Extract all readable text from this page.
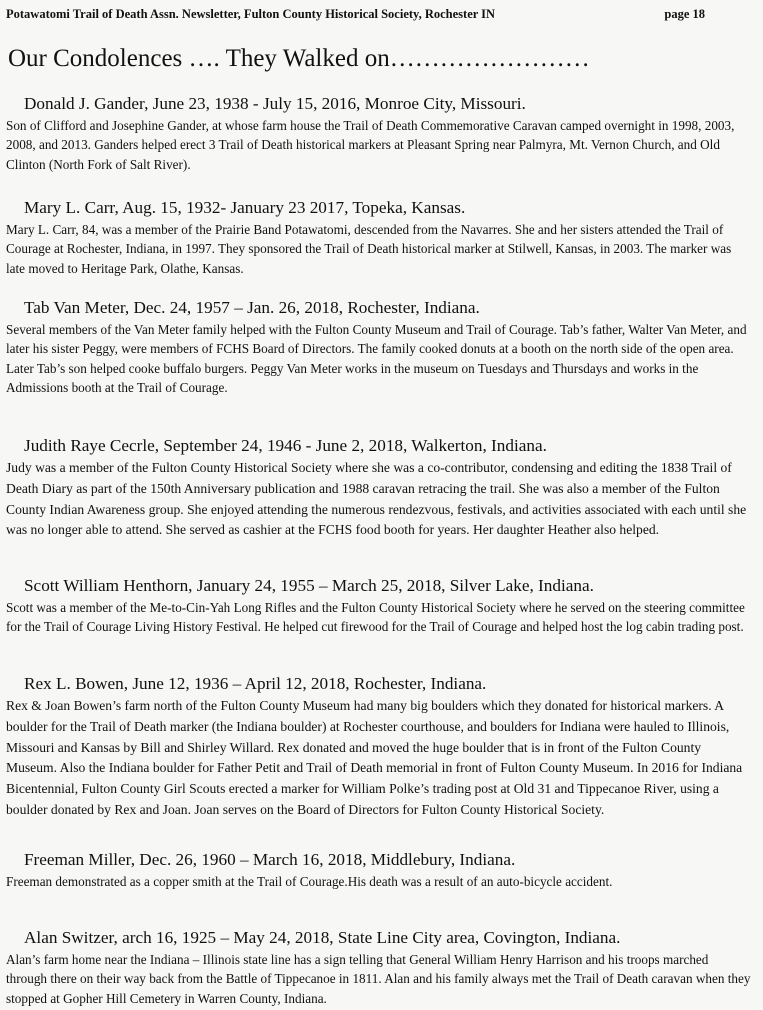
Potawatomi Trail of Death Assn. Newsletter, Fulton County Historical Society, Rochester IN	page 18
Our Condolences …. They Walked on……………………
Donald J. Gander, June 23, 1938 - July 15, 2016, Monroe City, Missouri.
Son of Clifford and Josephine Gander, at whose farm house the Trail of Death Commemorative Caravan camped overnight in 1998, 2003, 2008, and 2013. Ganders helped erect 3 Trail of Death historical markers at Pleasant Spring near Palmyra, Mt. Vernon Church, and Old Clinton (North Fork of Salt River).
Mary L. Carr, Aug. 15, 1932- January 23 2017, Topeka, Kansas.
Mary L. Carr, 84, was a member of the Prairie Band Potawatomi, descended from the Navarres. She and her sisters attended the Trail of Courage at Rochester, Indiana, in 1997. They sponsored the Trail of Death historical marker at Stilwell, Kansas, in 2003. The marker was late moved to Heritage Park, Olathe, Kansas.
Tab Van Meter, Dec. 24, 1957 – Jan. 26, 2018, Rochester, Indiana.
Several members of the Van Meter family helped with the Fulton County Museum and Trail of Courage. Tab’s father, Walter Van Meter, and later his sister Peggy, were members of FCHS Board of Directors. The family cooked donuts at a booth on the north side of the open area. Later Tab’s son helped cooke buffalo burgers. Peggy Van Meter works in the museum on Tuesdays and Thursdays and works in the Admissions booth at the Trail of Courage.
Judith Raye Cecrle, September 24, 1946 - June 2, 2018, Walkerton, Indiana.
Judy was a member of the Fulton County Historical Society where she was a co-contributor, condensing and editing the 1838 Trail of Death Diary as part of the 150th Anniversary publication and 1988 caravan retracing the trail. She was also a member of the Fulton County Indian Awareness group. She enjoyed attending the numerous rendezvous, festivals, and activities associated with each until she was no longer able to attend. She served as cashier at the FCHS food booth for years. Her daughter Heather also helped.
Scott William Henthorn, January 24, 1955 – March 25, 2018, Silver Lake, Indiana.
Scott was a member of the Me-to-Cin-Yah Long Rifles and the Fulton County Historical Society where he served on the steering committee for the Trail of Courage Living History Festival. He helped cut firewood for the Trail of Courage and helped host the log cabin trading post.
Rex L. Bowen, June 12, 1936 – April 12, 2018, Rochester, Indiana.
Rex & Joan Bowen’s farm north of the Fulton County Museum had many big boulders which they donated for historical markers. A boulder for the Trail of Death marker (the Indiana boulder) at Rochester courthouse, and boulders for Indiana were hauled to Illinois, Missouri and Kansas by Bill and Shirley Willard. Rex donated and moved the huge boulder that is in front of the Fulton County Museum. Also the Indiana boulder for Father Petit and Trail of Death memorial in front of Fulton County Museum. In 2016 for Indiana Bicentennial, Fulton County Girl Scouts erected a marker for William Polke’s trading post at Old 31 and Tippecanoe River, using a boulder donated by Rex and Joan. Joan serves on the Board of Directors for Fulton County Historical Society.
Freeman Miller, Dec. 26, 1960 – March 16, 2018, Middlebury, Indiana.
Freeman demonstrated as a copper smith at the Trail of Courage.His death was a result of an auto-bicycle accident.
Alan Switzer, arch 16, 1925 – May 24, 2018, State Line City area, Covington, Indiana.
Alan’s farm home near the Indiana – Illinois state line has a sign telling that General William Henry Harrison and his troops marched through there on their way back from the Battle of Tippecanoe in 1811. Alan and his family always met the Trail of Death caravan when they stopped at Gopher Hill Cemetery in Warren County, Indiana.
